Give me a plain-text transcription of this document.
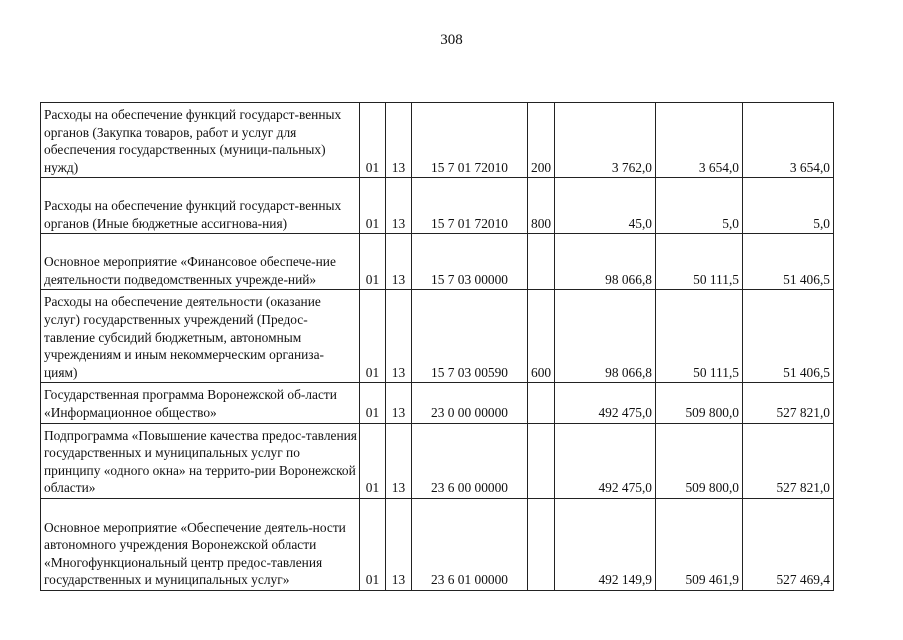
308
Расходы на обеспечение функций государст-венных органов (Закупка товаров, работ и услуг для обеспечения государственных (муници-пальных) нужд)	01	13	15 7 01 72010	200	3 762,0	3 654,0	3 654,0
Расходы на обеспечение функций государст-венных органов (Иные бюджетные ассигнова-ния)	01	13	15 7 01 72010	800	45,0	5,0	5,0
Основное мероприятие «Финансовое обеспече-ние деятельности подведомственных учрежде-ний»	01	13	15 7 03 00000		98 066,8	50 111,5	51 406,5
Расходы на обеспечение деятельности (оказание услуг) государственных учреждений (Предос-тавление субсидий бюджетным, автономным учреждениям и иным некоммерческим организа-циям)	01	13	15 7 03 00590	600	98 066,8	50 111,5	51 406,5
Государственная программа Воронежской об-ласти «Информационное общество»	01	13	23 0 00 00000		492 475,0	509 800,0	527 821,0
Подпрограмма «Повышение качества предос-тавления государственных и муниципальных услуг по принципу «одного окна» на террито-рии Воронежской области»	01	13	23 6 00 00000		492 475,0	509 800,0	527 821,0
Основное мероприятие «Обеспечение деятель-ности автономного учреждения Воронежской области «Многофункциональный центр предос-тавления государственных и муниципальных услуг»	01	13	23 6 01 00000		492 149,9	509 461,9	527 469,4
